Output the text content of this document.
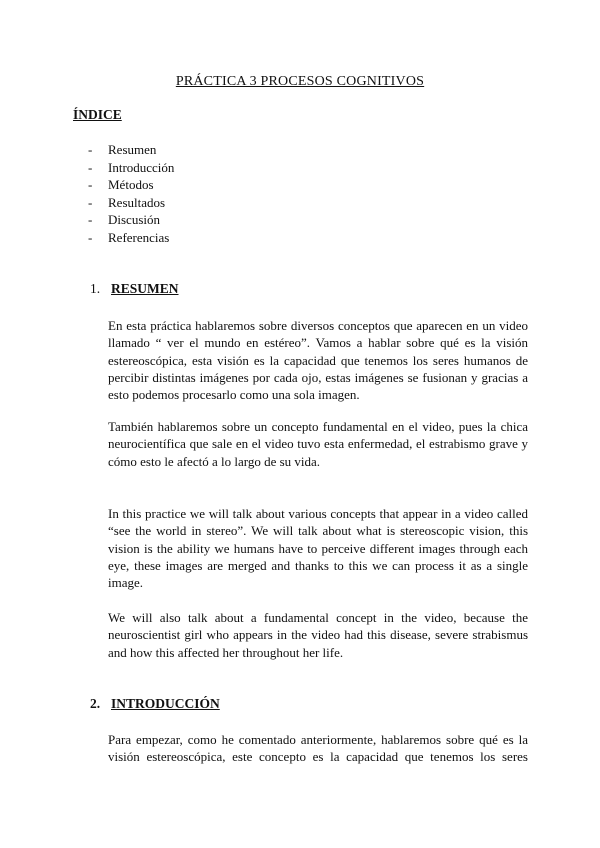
PRÁCTICA 3 PROCESOS COGNITIVOS
ÍNDICE
- Resumen
- Introducción
- Métodos
- Resultados
- Discusión
- Referencias
1. RESUMEN

En esta práctica hablaremos sobre diversos conceptos que aparecen en un video llamado “ ver el mundo en estéreo”. Vamos a hablar sobre qué es la visión estereoscópica, esta visión es la capacidad que tenemos los seres humanos de percibir distintas imágenes por cada ojo, estas imágenes se fusionan y gracias a esto podemos procesarlo como una sola imagen.

También hablaremos sobre un concepto fundamental en el video, pues la chica neurocientífica que sale en el video tuvo esta enfermedad, el estrabismo grave y cómo esto le afectó a lo largo de su vida.

In this practice we will talk about various concepts that appear in a video called “see the world in stereo”. We will talk about what is stereoscopic vision, this vision is the ability we humans have to perceive different images through each eye, these images are merged and thanks to this we can process it as a single image.

We will also talk about a fundamental concept in the video, because the neuroscientist girl who appears in the video had this disease, severe strabismus and how this affected her throughout her life.

2. INTRODUCCIÓN

Para empezar, como he comentado anteriormente, hablaremos sobre qué es la visión estereoscópica, este concepto es la capacidad que tenemos los seres
